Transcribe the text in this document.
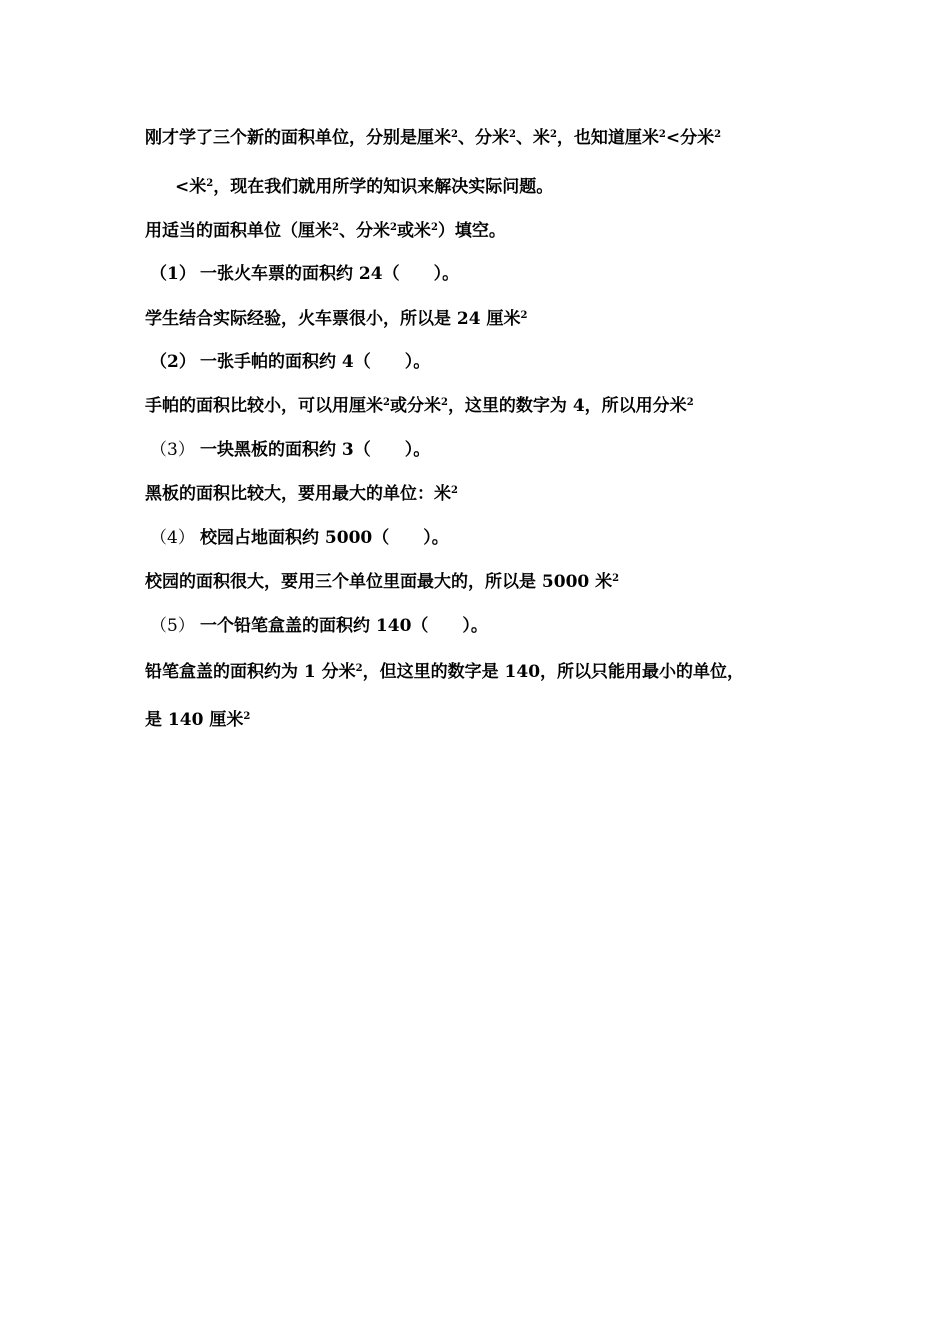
刚才学了三个新的面积单位，分别是厘米$^2$、分米$^2$、米$^2$，也知道厘米$^2$<分米$^2$
<米$^2$，现在我们就用所学的知识来解决实际问题。
用适当的面积单位（厘米$^2$、分米$^2$或米$^2$）填空。
（1） 一张火车票的面积约 24（　　）。
学生结合实际经验，火车票很小，所以是 24 厘米$^2$
（2） 一张手帕的面积约 4（　　）。
手帕的面积比较小，可以用厘米$^2$或分米$^2$，这里的数字为 4，所以用分米$^2$
（3） 一块黑板的面积约 3（　　）。
黑板的面积比较大，要用最大的单位：米$^2$
（4） 校园占地面积约 5000（　　）。
校园的面积很大，要用三个单位里面最大的，所以是 5000 米$^2$
（5） 一个铅笔盒盖的面积约 140（　　）。
铅笔盒盖的面积约为 1 分米$^2$，但这里的数字是 140，所以只能用最小的单位，
是 140 厘米$^2$
